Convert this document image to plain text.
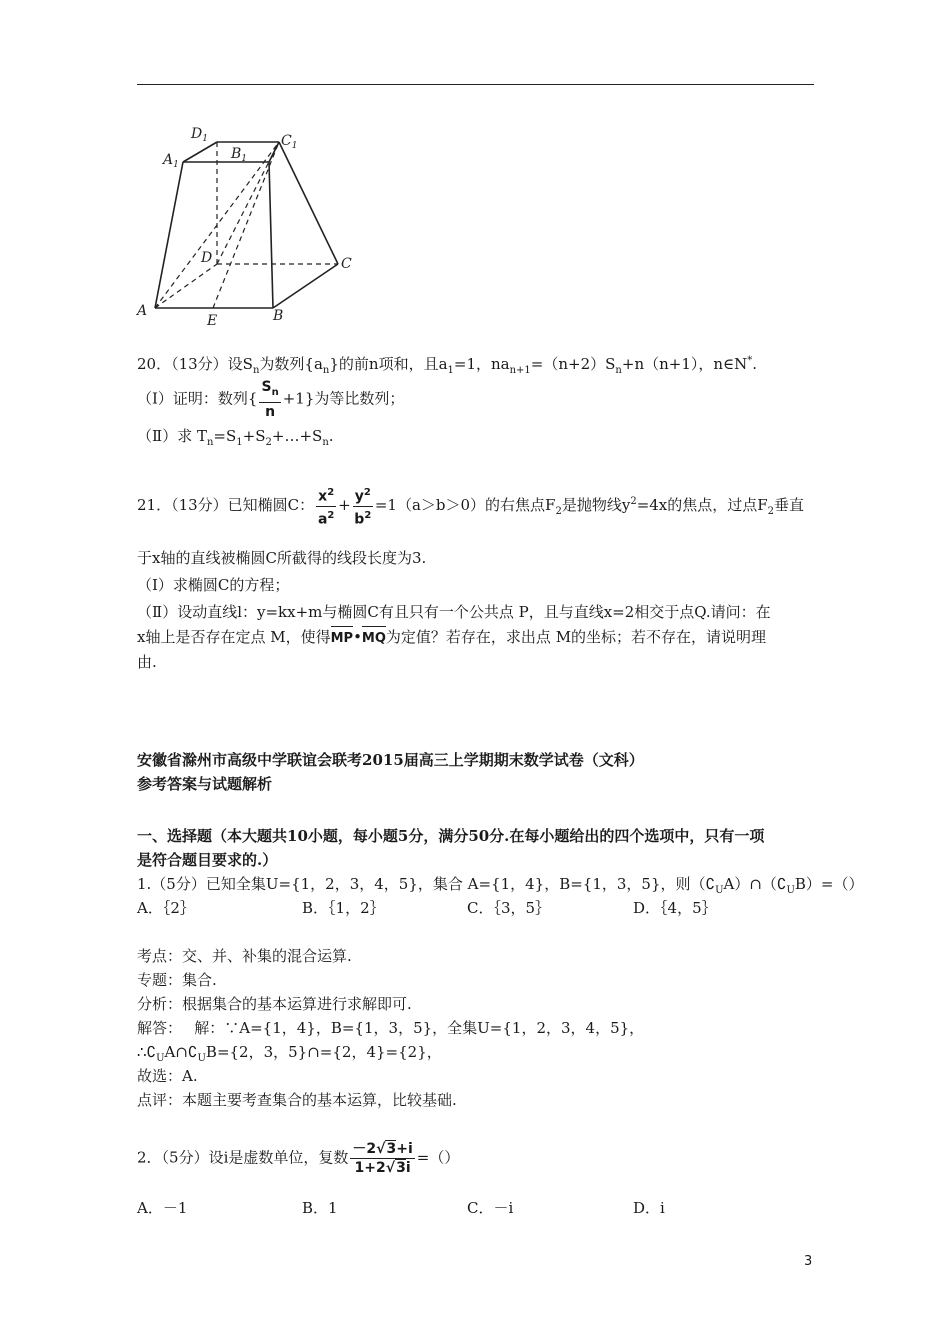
$D_1$	$C_1$
$A_1$
$B_1$
D	C
A
E	B
20．（13分）设$S_n$为数列$\{a_n\}$的前n项和，且$a_1=1$，$na_{n+1}=(n+2)S_n+n(n+1)$，n∈N*.
（Ⅰ）证明：数列{ $\frac{S_n}{n} +1$}为等比数列；
（Ⅱ）求 $T_n=S_1+S_2+\dots+S_n$.
21．（13分）已知椭圆C： $\frac{x^2}{a^2} + \frac{y^2}{b^2} =1(a>b>0)$的右焦点$F_2$是抛物线$y^2=4x$的焦点，过点$F_2$垂直
于x轴的直线被椭圆C所截得的线段长度为3.
（Ⅰ）求椭圆C的方程；
（Ⅱ）设动直线l：y=kx+m与椭圆C有且只有一个公共点 P，且与直线x=2相交于点Q.请问：在
x轴上是否存在定点 M，使得MP•MQ为定值？若存在，求出点 M的坐标；若不存在，请说明理
由.
安徽省滁州市高级中学联谊会联考2015届高三上学期期末数学试卷（文科）
参考答案与试题解析
一、选择题（本大题共10小题，每小题5分，满分50分.在每小题给出的四个选项中，只有一项
是符合题目要求的.）
1.（5分）已知全集U={1，2，3，4，5}，集合 A={1，4}，B={1，3，5}，则$(∁_UA)\cap(∁_UB)=()$
A．｛2｝	B．｛1，2｝	C．｛3，5｝	D．｛4，5｝
考点：交、并、补集的混合运算.
专题：集合.
分析：根据集合的基本运算进行求解即可.
解答：　 解：∵A={1，4}，B={1，3，5}，全集U={1，2，3，4，5}，
$\therefore∁_UA\cap∁_UB=\{2$，3，5}∩={2，4}={2}，
故选：A.
点评：本题主要考查集合的基本运算，比较基础.
2．（5分）设i是虚数单位，复数 $\frac{-2√3+i}{1+2√3i}$ =（）
A．－1	B．1	C．－i	D．i
3
